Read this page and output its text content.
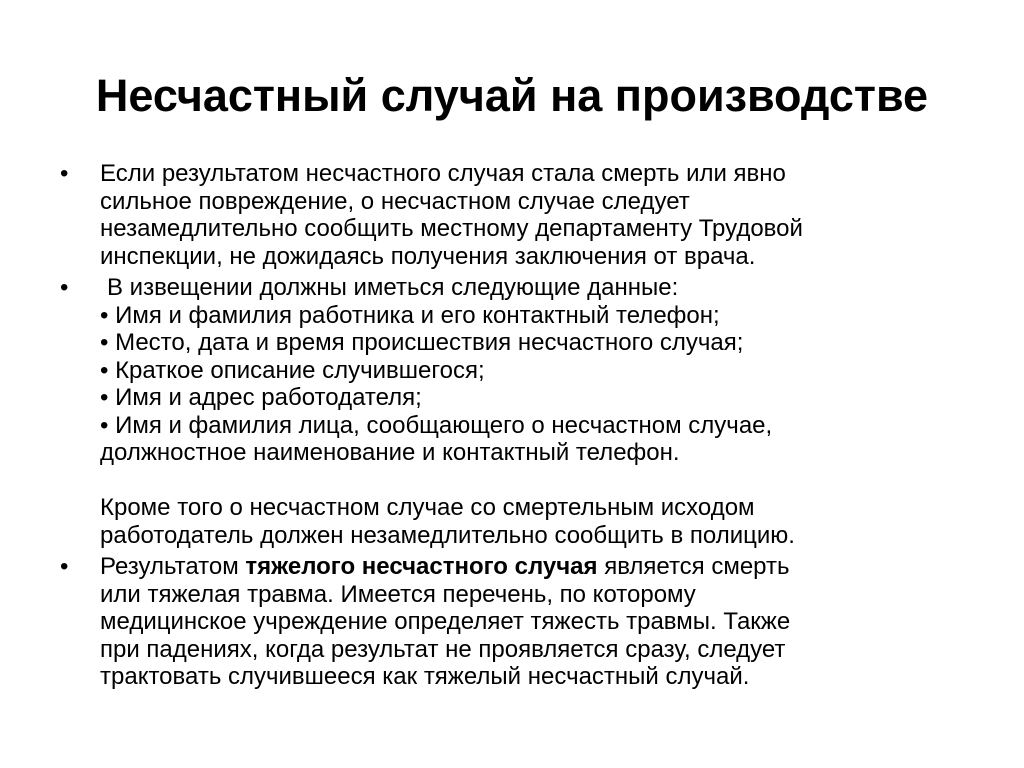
Несчастный случай на производстве
•	Если результатом несчастного случая стала смерть или явно
сильное повреждение, о несчастном случае следует
незамедлительно сообщить местному департаменту Трудовой
инспекции, не дожидаясь получения заключения от врача.
•	В извещении должны иметься следующие данные:
• Имя и фамилия работника и его контактный телефон;
• Место, дата и время происшествия несчастного случая;
• Краткое описание случившегося;
• Имя и адрес работодателя;
• Имя и фамилия лица, сообщающего о несчастном случае,
должностное наименование и контактный телефон.
Кроме того о несчастном случае со смертельным исходом
работодатель должен незамедлительно сообщить в полицию.
•	Результатом тяжелого несчастного случая является смерть
или тяжелая травма. Имеется перечень, по которому
медицинское учреждение определяет тяжесть травмы. Также
при падениях, когда результат не проявляется сразу, следует
трактовать случившееся как тяжелый несчастный случай.
